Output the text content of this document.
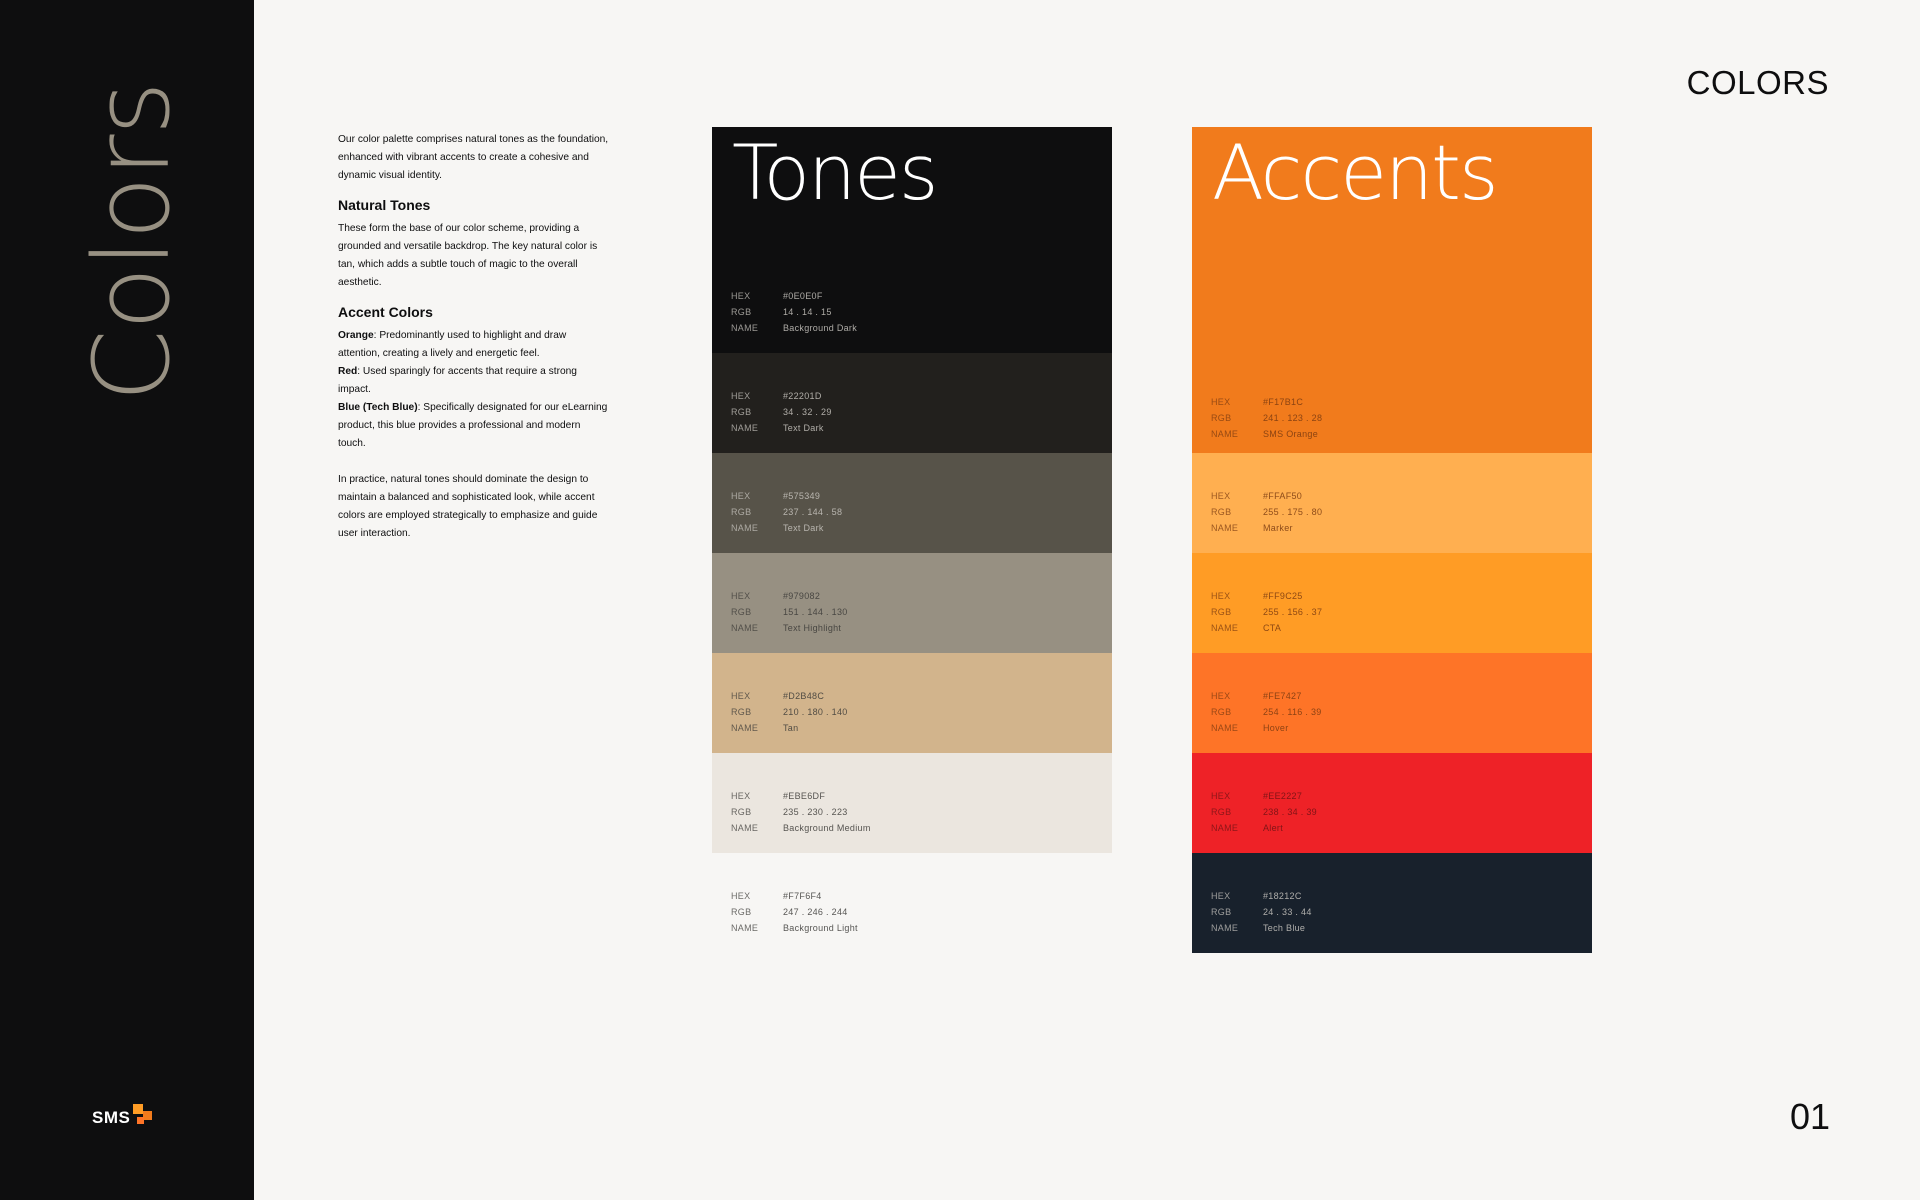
Colors
SMS
COLORS
01

Our color palette comprises natural tones as the foundation, enhanced with vibrant accents to create a cohesive and dynamic visual identity.

Natural Tones

These form the base of our color scheme, providing a grounded and versatile backdrop. The key natural color is tan, which adds a subtle touch of magic to the overall aesthetic.

Accent Colors

Orange: Predominantly used to highlight and draw attention, creating a lively and energetic feel.

Red: Used sparingly for accents that require a strong impact.

Blue (Tech Blue): Specifically designated for our eLearning product, this blue provides a professional and modern touch.

In practice, natural tones should dominate the design to maintain a balanced and sophisticated look, while accent colors are employed strategically to emphasize and guide user interaction.

HEX	#0E0E0F
RGB	14 . 14 . 15
NAME	Background Dark
HEX	#22201D
RGB	34 . 32 . 29
NAME	Text Dark
HEX	#575349
RGB	237 . 144 . 58
NAME	Text Dark
HEX	#979082
RGB	151 . 144 . 130
NAME	Text Highlight
HEX	#D2B48C
RGB	210 . 180 . 140
NAME	Tan
HEX	#EBE6DF
RGB	235 . 230 . 223
NAME	Background Medium
HEX	#F7F6F4
RGB	247 . 246 . 244
NAME	Background Light
Tones
HEX	#F17B1C
RGB	241 . 123 . 28
NAME	SMS Orange
HEX	#FFAF50
RGB	255 . 175 . 80
NAME	Marker
HEX	#FF9C25
RGB	255 . 156 . 37
NAME	CTA
HEX	#FE7427
RGB	254 . 116 . 39
NAME	Hover
HEX	#EE2227
RGB	238 . 34 . 39
NAME	Alert
HEX	#18212C
RGB	24 . 33 . 44
NAME	Tech Blue
Accents
